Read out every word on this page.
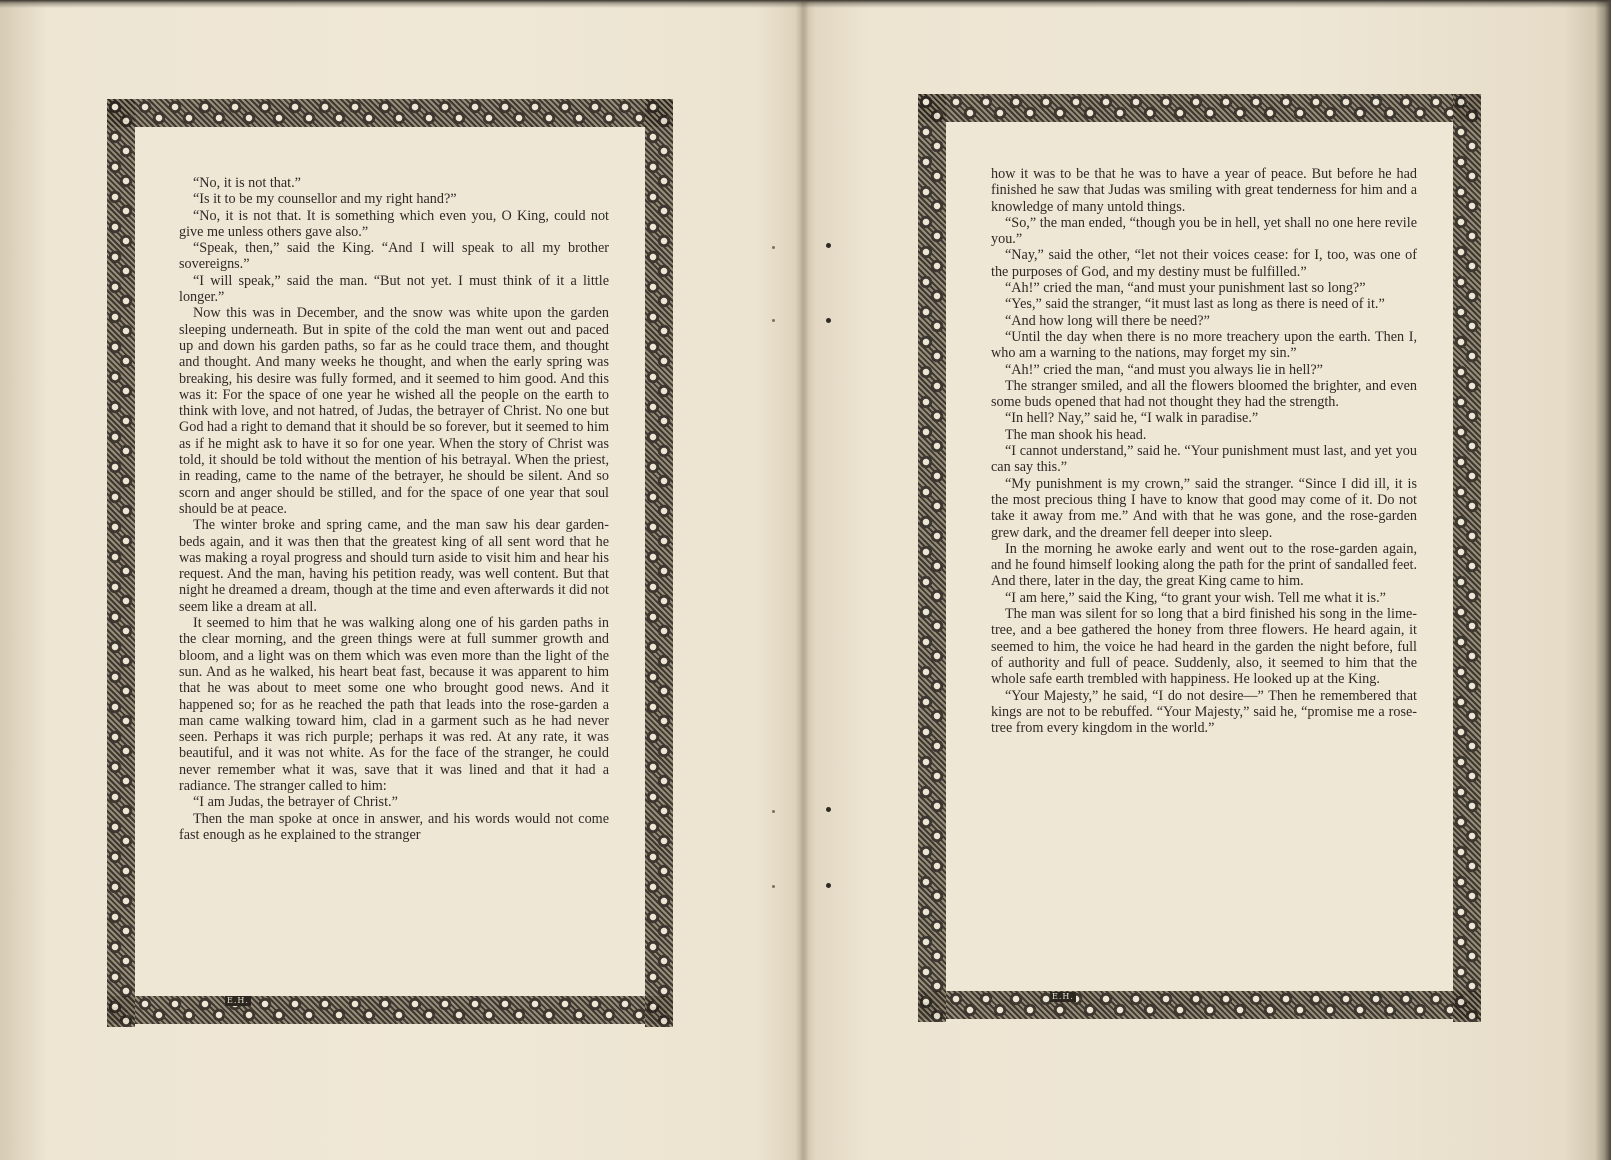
E.H.

“No, it is not that.”

“Is it to be my counsellor and my right hand?”

“No, it is not that. It is something which even you, O King, could not give me unless others gave also.”

“Speak, then,” said the King. “And I will speak to all my brother sovereigns.”

“I will speak,” said the man. “But not yet. I must think of it a little longer.”

Now this was in December, and the snow was white upon the garden sleeping underneath. But in spite of the cold the man went out and paced up and down his garden paths, so far as he could trace them, and thought and thought. And many weeks he thought, and when the early spring was breaking, his desire was fully formed, and it seemed to him good. And this was it: For the space of one year he wished all the people on the earth to think with love, and not hatred, of Judas, the betrayer of Christ. No one but God had a right to demand that it should be so forever, but it seemed to him as if he might ask to have it so for one year. When the story of Christ was told, it should be told without the mention of his betrayal. When the priest, in reading, came to the name of the betrayer, he should be silent. And so scorn and anger should be stilled, and for the space of one year that soul should be at peace.

The winter broke and spring came, and the man saw his dear garden-beds again, and it was then that the greatest king of all sent word that he was making a royal progress and should turn aside to visit him and hear his request. And the man, having his petition ready, was well content. But that night he dreamed a dream, though at the time and even afterwards it did not seem like a dream at all.

It seemed to him that he was walking along one of his garden paths in the clear morning, and the green things were at full summer growth and bloom, and a light was on them which was even more than the light of the sun. And as he walked, his heart beat fast, because it was apparent to him that he was about to meet some one who brought good news. And it happened so; for as he reached the path that leads into the rose-garden a man came walking toward him, clad in a garment such as he had never seen. Perhaps it was rich purple; perhaps it was red. At any rate, it was beautiful, and it was not white. As for the face of the stranger, he could never remember what it was, save that it was lined and that it had a radiance. The stranger called to him:

“I am Judas, the betrayer of Christ.”

Then the man spoke at once in answer, and his words would not come fast enough as he explained to the stranger

E.H.

how it was to be that he was to have a year of peace. But before he had finished he saw that Judas was smiling with great tenderness for him and a knowledge of many untold things.

“So,” the man ended, “though you be in hell, yet shall no one here revile you.”

“Nay,” said the other, “let not their voices cease: for I, too, was one of the purposes of God, and my destiny must be fulfilled.”

“Ah!” cried the man, “and must your punishment last so long?”

“Yes,” said the stranger, “it must last as long as there is need of it.”

“And how long will there be need?”

“Until the day when there is no more treachery upon the earth. Then I, who am a warning to the nations, may forget my sin.”

“Ah!” cried the man, “and must you always lie in hell?”

The stranger smiled, and all the flowers bloomed the brighter, and even some buds opened that had not thought they had the strength.

“In hell? Nay,” said he, “I walk in paradise.”

The man shook his head.

“I cannot understand,” said he. “Your punishment must last, and yet you can say this.”

“My punishment is my crown,” said the stranger. “Since I did ill, it is the most precious thing I have to know that good may come of it. Do not take it away from me.” And with that he was gone, and the rose-garden grew dark, and the dreamer fell deeper into sleep.

In the morning he awoke early and went out to the rose-garden again, and he found himself looking along the path for the print of sandalled feet. And there, later in the day, the great King came to him.

“I am here,” said the King, “to grant your wish. Tell me what it is.”

The man was silent for so long that a bird finished his song in the lime-tree, and a bee gathered the honey from three flowers. He heard again, it seemed to him, the voice he had heard in the garden the night before, full of authority and full of peace. Suddenly, also, it seemed to him that the whole safe earth trembled with happiness. He looked up at the King.

“Your Majesty,” he said, “I do not desire—” Then he remembered that kings are not to be rebuffed. “Your Majesty,” said he, “promise me a rose-tree from every kingdom in the world.”
